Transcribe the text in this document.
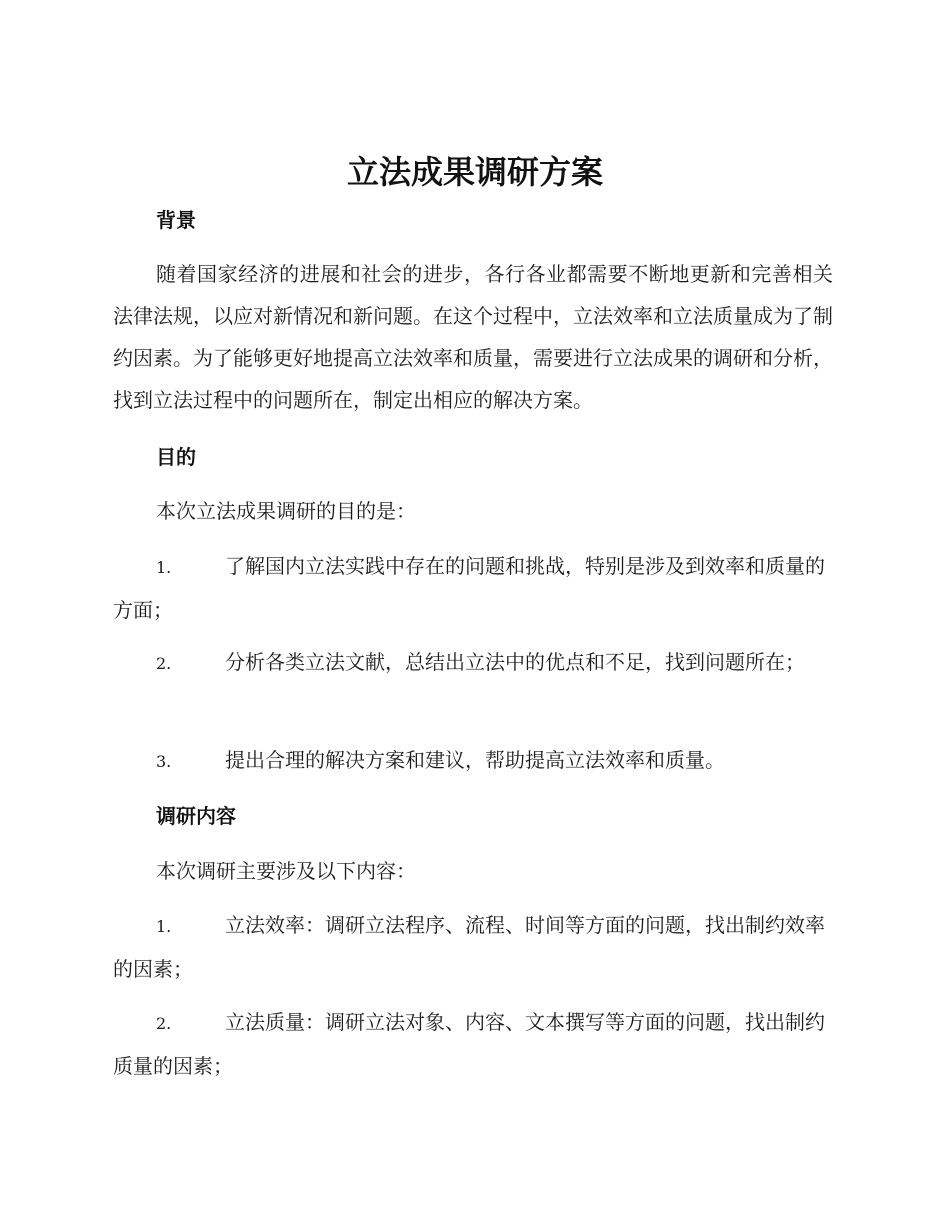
立法成果调研方案
背景

随着国家经济的进展和社会的进步，各行各业都需要不断地更新和完善相关法律法规，以应对新情况和新问题。在这个过程中，立法效率和立法质量成为了制约因素。为了能够更好地提高立法效率和质量，需要进行立法成果的调研和分析，找到立法过程中的问题所在，制定出相应的解决方案。

目的
本次立法成果调研的目的是：

1.	了解国内立法实践中存在的问题和挑战，特别是涉及到效率和质量的方面；

2.	分析各类立法文献，总结出立法中的优点和不足，找到问题所在；

3.	提出合理的解决方案和建议，帮助提高立法效率和质量。

调研内容
本次调研主要涉及以下内容：

1.	立法效率：调研立法程序、流程、时间等方面的问题，找出制约效率的因素；

2.	立法质量：调研立法对象、内容、文本撰写等方面的问题，找出制约质量的因素；
